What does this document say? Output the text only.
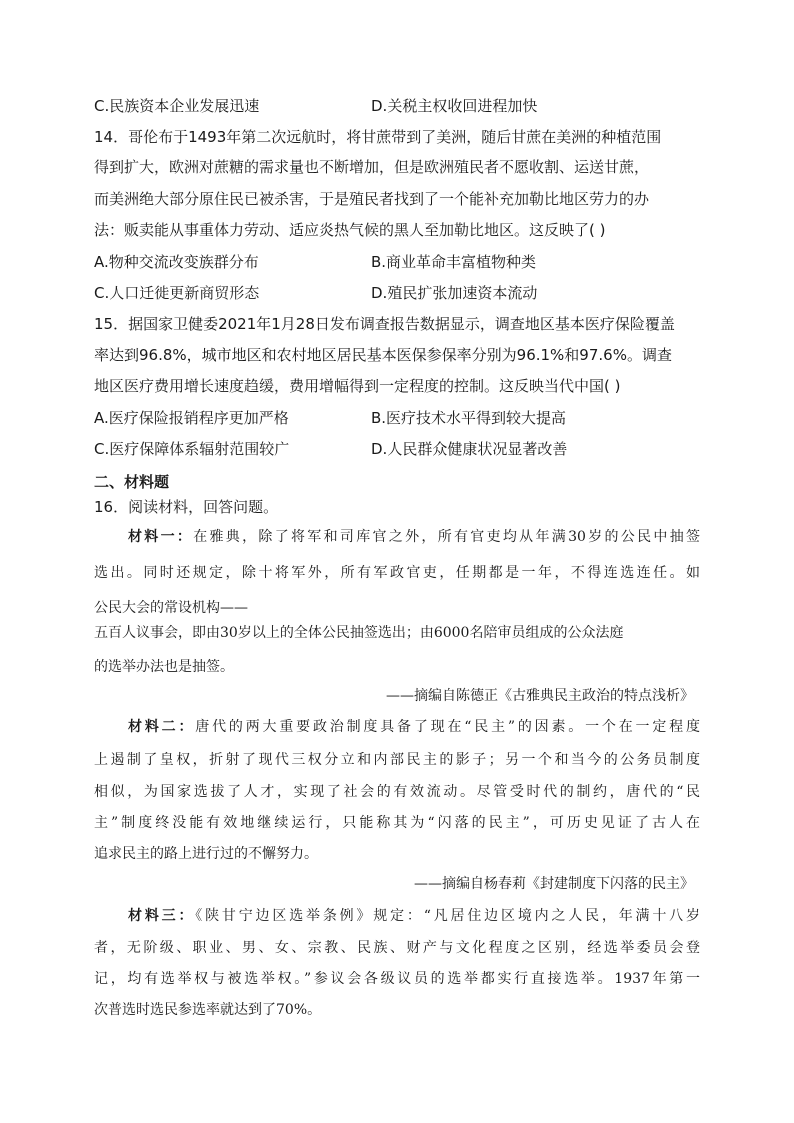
C.民族资本企业发展迅速	D.关税主权收回进程加快
14．哥伦布于1493年第二次远航时，将甘蔗带到了美洲，随后甘蔗在美洲的种植范围
得到扩大，欧洲对蔗糖的需求量也不断增加，但是欧洲殖民者不愿收割、运送甘蔗，
而美洲绝大部分原住民已被杀害，于是殖民者找到了一个能补充加勒比地区劳力的办
法：贩卖能从事重体力劳动、适应炎热气候的黑人至加勒比地区。这反映了( )
A.物种交流改变族群分布	B.商业革命丰富植物种类
C.人口迁徙更新商贸形态	D.殖民扩张加速资本流动
15．据国家卫健委2021年1月28日发布调查报告数据显示，调查地区基本医疗保险覆盖
率达到96.8%，城市地区和农村地区居民基本医保参保率分别为96.1%和97.6%。调查
地区医疗费用增长速度趋缓，费用增幅得到一定程度的控制。这反映当代中国( )
A.医疗保险报销程序更加严格	B.医疗技术水平得到较大提高
C.医疗保障体系辐射范围较广	D.人民群众健康状况显著改善
二、材料题
16．阅读材料，回答问题。
材料一：在雅典，除了将军和司库官之外，所有官吏均从年满30岁的公民中抽签
选出。同时还规定，除十将军外，所有军政官吏，任期都是一年，不得连选连任。如
公民大会的常设机构——
五百人议事会，即由30岁以上的全体公民抽签选出；由6000名陪审员组成的公众法庭
的选举办法也是抽签。
——摘编自陈德正《古雅典民主政治的特点浅析》
材料二：唐代的两大重要政治制度具备了现在“民主”的因素。一个在一定程度
上遏制了皇权，折射了现代三权分立和内部民主的影子；另一个和当今的公务员制度
相似，为国家选拔了人才，实现了社会的有效流动。尽管受时代的制约，唐代的“民
主”制度终没能有效地继续运行，只能称其为“闪落的民主”，可历史见证了古人在
追求民主的路上进行过的不懈努力。
——摘编自杨春莉《封建制度下闪落的民主》
材料三：《陕甘宁边区选举条例》规定：“凡居住边区境内之人民，年满十八岁
者，无阶级、职业、男、女、宗教、民族、财产与文化程度之区别，经选举委员会登
记，均有选举权与被选举权。”参议会各级议员的选举都实行直接选举。1937年第一
次普选时选民参选率就达到了70%。
